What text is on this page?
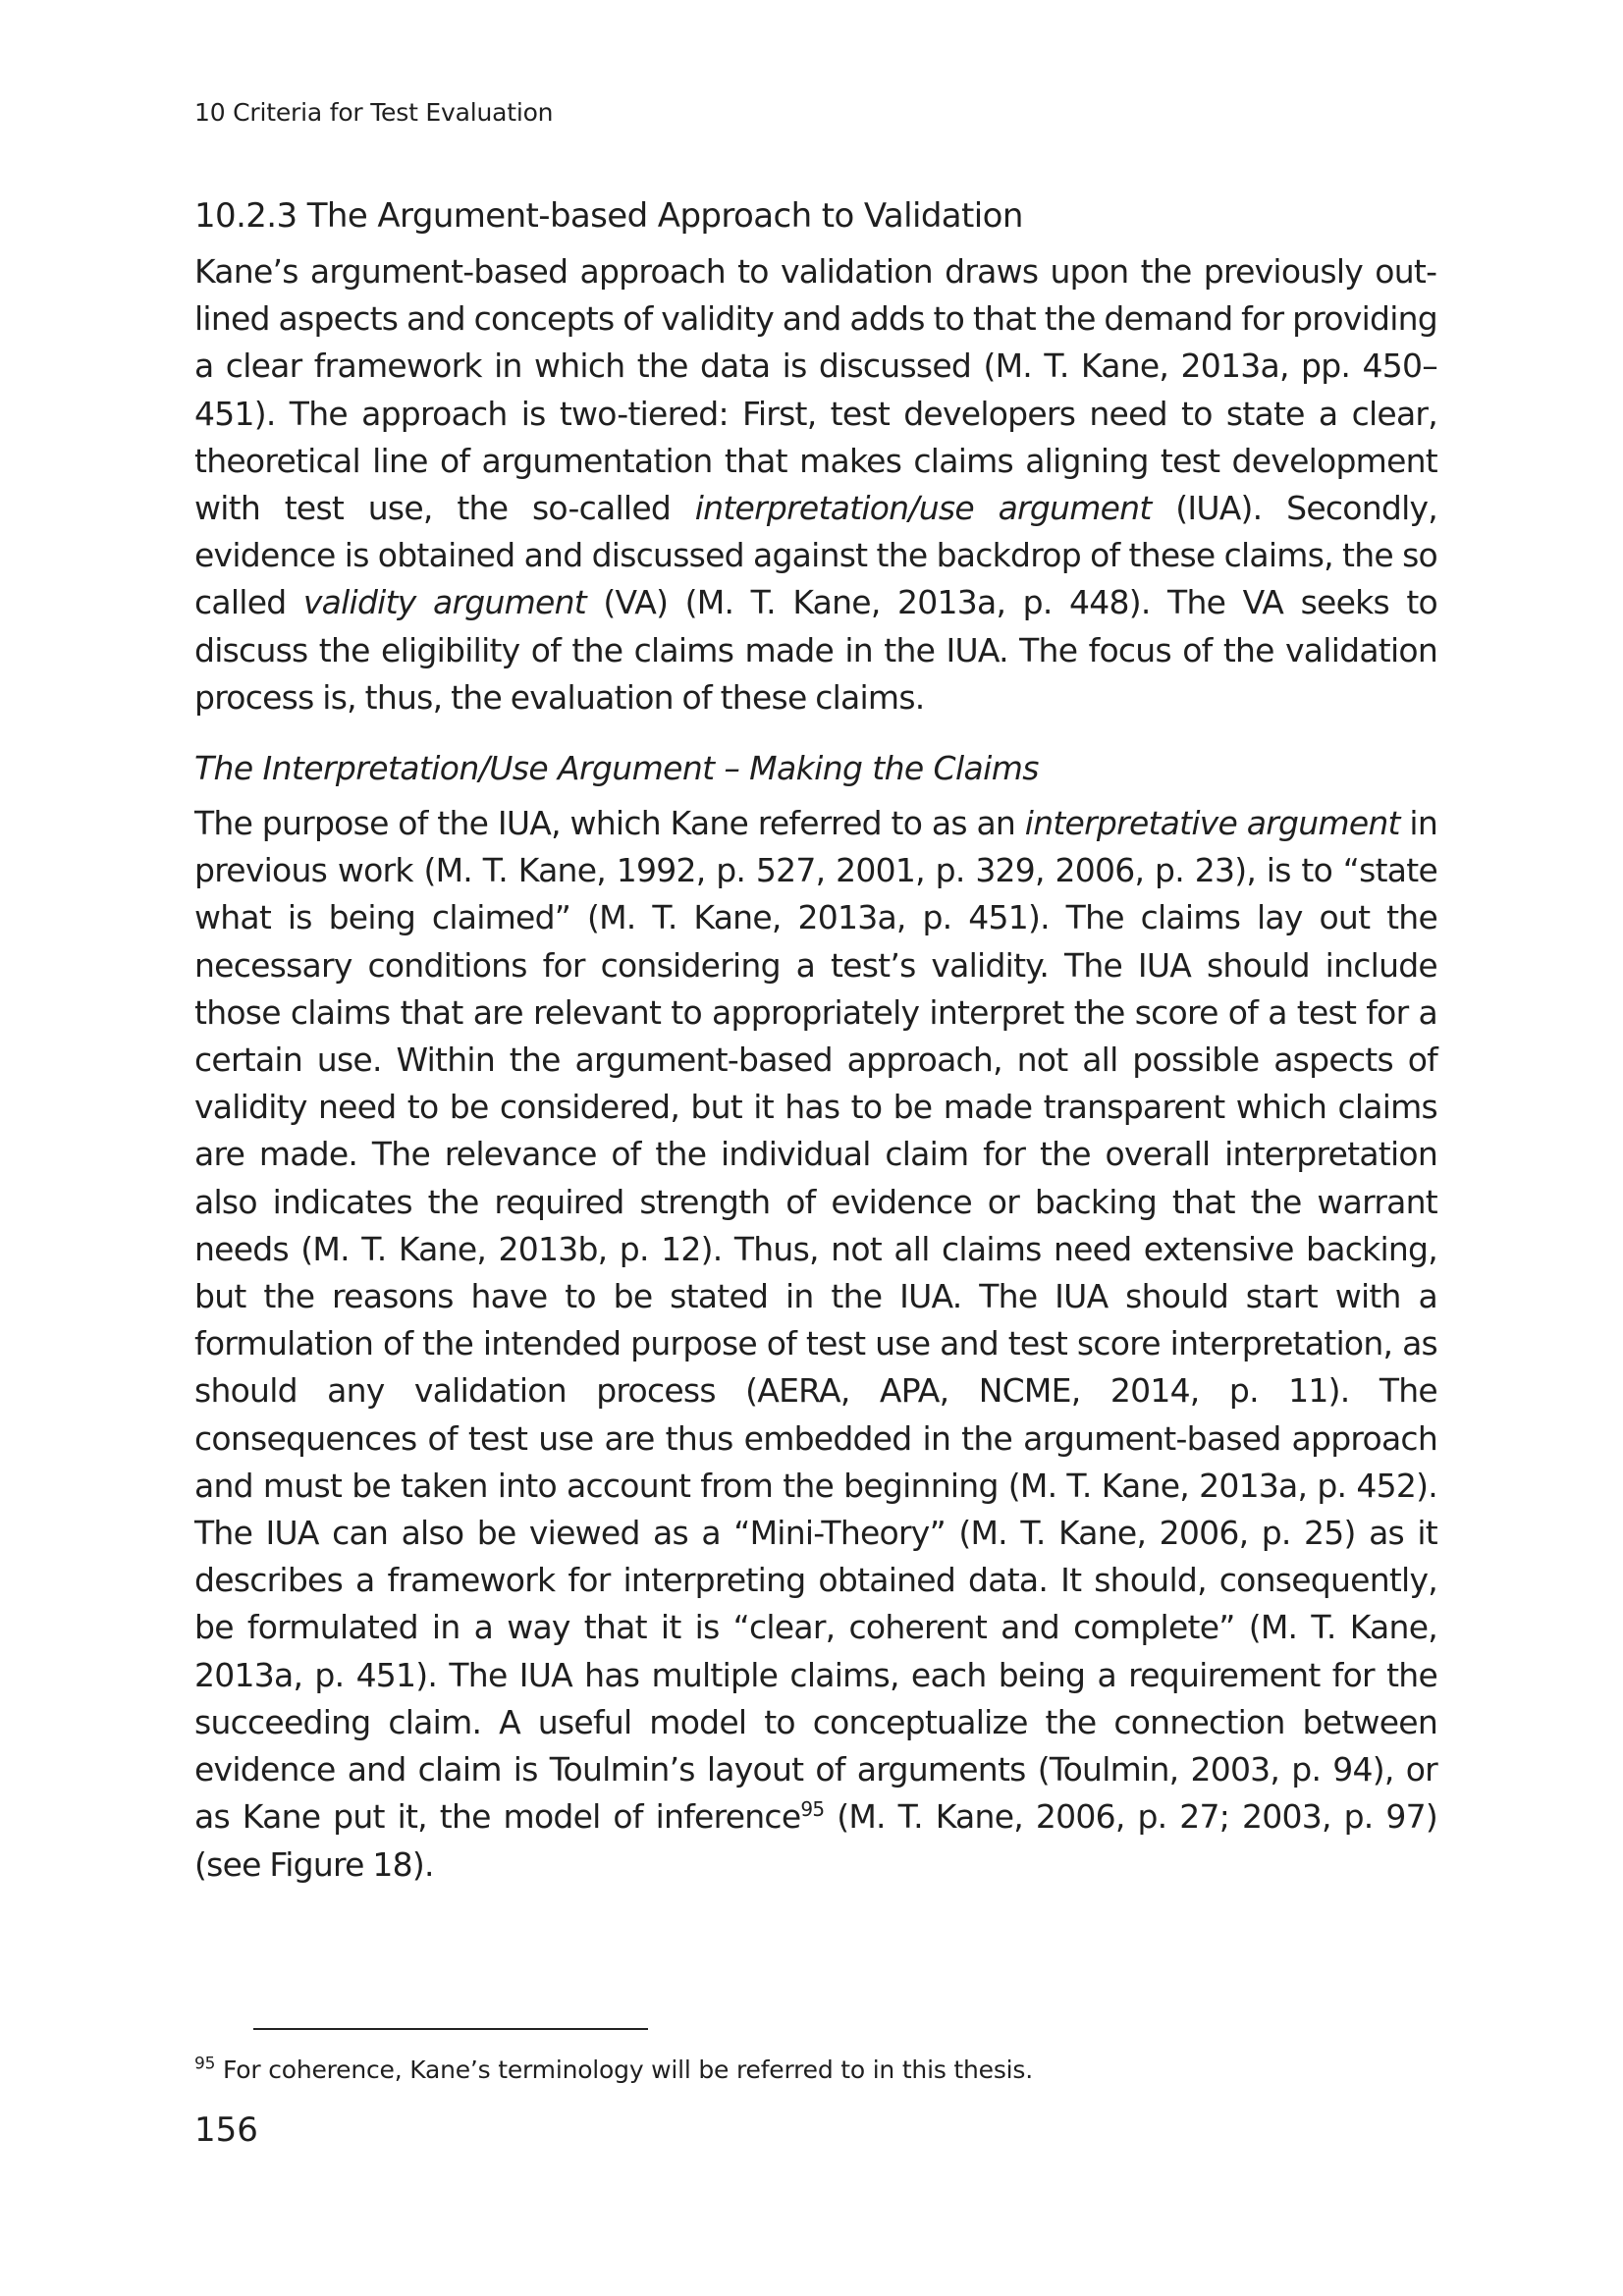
10 Criteria for Test Evaluation
10.2.3 The Argument-based Approach to Validation

Kane’s argument-based approach to validation draws upon the previously outlined aspects and concepts of validity and adds to that the demand for providing a clear framework in which the data is discussed (M. T. Kane, 2013a, pp. 450–451). The approach is two-tiered: First, test developers need to state a clear, theoretical line of argumentation that makes claims aligning test development with test use, the so-called interpretation/use argument (IUA). Secondly, evidence is obtained and discussed against the backdrop of these claims, the so called validity argument (VA) (M. T. Kane, 2013a, p. 448). The VA seeks to discuss the eligibility of the claims made in the IUA. The focus of the validation process is, thus, the evaluation of these claims.

The Interpretation/Use Argument – Making the Claims

The purpose of the IUA, which Kane referred to as an interpretative argument in previous work (M. T. Kane, 1992, p. 527, 2001, p. 329, 2006, p. 23), is to “state what is being claimed” (M. T. Kane, 2013a, p. 451). The claims lay out the necessary conditions for considering a test’s validity. The IUA should include those claims that are relevant to appropriately interpret the score of a test for a certain use. Within the argument-based approach, not all possible aspects of validity need to be considered, but it has to be made transparent which claims are made. The relevance of the individual claim for the overall interpretation also indicates the required strength of evidence or backing that the warrant needs (M. T. Kane, 2013b, p. 12). Thus, not all claims need extensive backing, but the reasons have to be stated in the IUA. The IUA should start with a formulation of the intended purpose of test use and test score interpretation, as should any validation process (AERA, APA, NCME, 2014, p. 11). The consequences of test use are thus embedded in the argument-based approach and must be taken into account from the beginning (M. T. Kane, 2013a, p. 452). The IUA can also be viewed as a “Mini-Theory” (M. T. Kane, 2006, p. 25) as it describes a framework for interpreting obtained data. It should, consequently, be formulated in a way that it is “clear, coherent and complete” (M. T. Kane, 2013a, p. 451). The IUA has multiple claims, each being a requirement for the succeeding claim. A useful model to conceptualize the connection between evidence and claim is Toulmin’s layout of arguments (Toulmin, 2003, p. 94), or as Kane put it, the model of inference$^{95}$ (M. T. Kane, 2006, p. 27; 2003, p. 97) (see Figure 18).

$^{95}$ For coherence, Kane’s terminology will be referred to in this thesis.
156
